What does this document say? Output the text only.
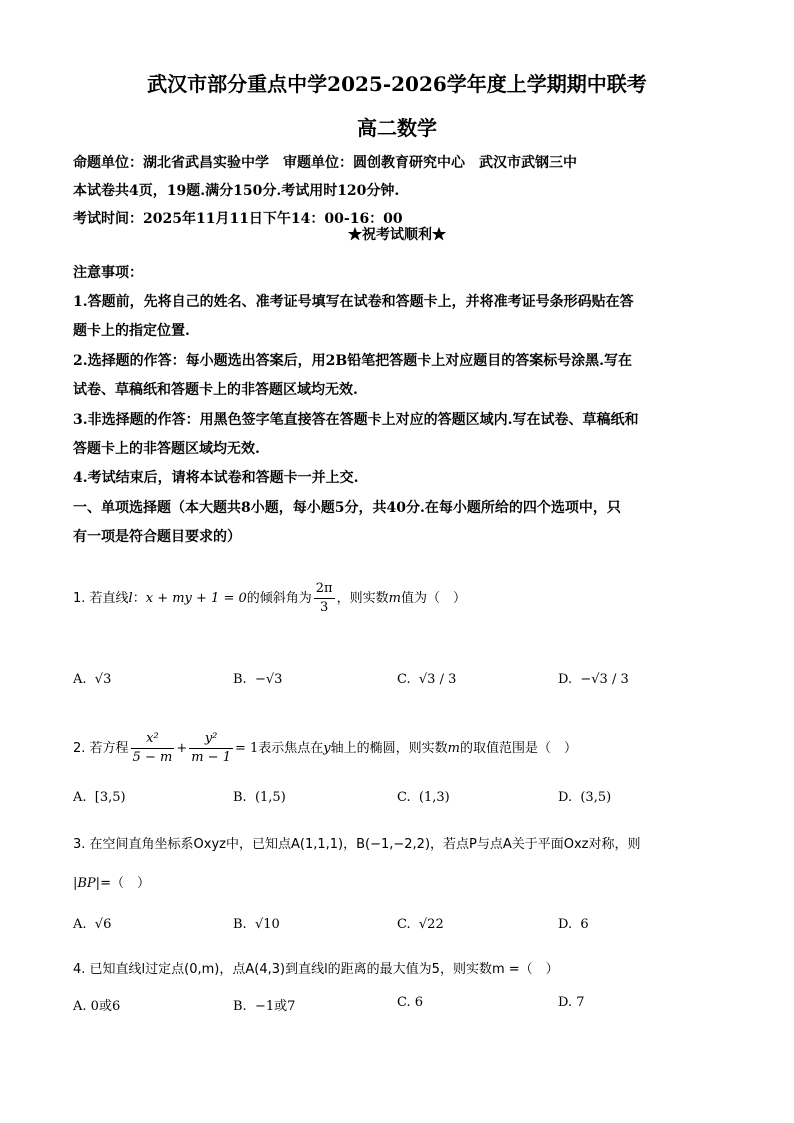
武汉市部分重点中学2025-2026学年度上学期期中联考
高二数学
命题单位：湖北省武昌实验中学　审题单位：圆创教育研究中心　武汉市武钢三中
本试卷共4页，19题.满分150分.考试用时120分钟.
考试时间：2025年11月11日下午14：00-16：00
★祝考试顺利★
注意事项：
1.答题前，先将自己的姓名、准考证号填写在试卷和答题卡上，并将准考证号条形码贴在答
题卡上的指定位置.
2.选择题的作答：每小题选出答案后，用2B铅笔把答题卡上对应题目的答案标号涂黑.写在
试卷、草稿纸和答题卡上的非答题区域均无效.
3.非选择题的作答：用黑色签字笔直接答在答题卡上对应的答题区域内.写在试卷、草稿纸和
答题卡上的非答题区域均无效.
4.考试结束后，请将本试卷和答题卡一并上交.
一、单项选择题（本大题共8小题，每小题5分，共40分.在每小题所给的四个选项中，只
有一项是符合题目要求的）
1. 若直线l：x + my + 1 = 0的倾斜角为 $\frac{2\pi}{3}$ ，则实数m值为（　）
A. √3	B. −√3	C. √3 / 3	D. −√3 / 3
2. 若方程 $\frac{\text{x²}}{5 - m} + \frac{\text{y²}}{m - 1} = 1$表示焦点在y轴上的椭圆，则实数m的取值范围是（　）
A. [3,5)	B. (1,5)	C. (1,3)	D. (3,5)
3. 在空间直角坐标系Oxyz中，已知点A(1,1,1)，B(−1,−2,2)，若点P与点A关于平面Oxz对称，则
|BP|=（　）
A. √6	B. √10	C. √22	D. 6
4. 已知直线l过定点(0,m)，点A(4,3)到直线l的距离的最大值为5，则实数m =（　）
A. 0或6	B. −1或7	C. 6	D. 7
